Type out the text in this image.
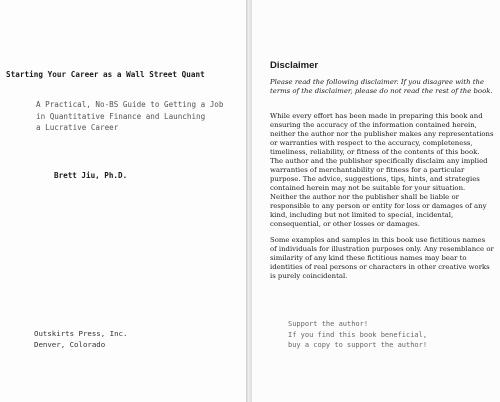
Starting Your Career as a Wall Street Quant
A Practical, No-BS Guide to Getting a Job
in Quantitative Finance and Launching
a Lucrative Career
Brett Jiu, Ph.D.
Outskirts Press, Inc.
Denver, Colorado
Disclaimer
Please read the following disclaimer. If you disagree with the terms of the disclaimer, please do not read the rest of the book.

While every effort has been made in preparing this book and ensuring the accuracy of the information contained herein, neither the author nor the publisher makes any representations or warranties with respect to the accuracy, completeness, timeliness, reliability, or fitness of the contents of this book. The author and the publisher specifically disclaim any implied warranties of merchantability or fitness for a particular purpose. The advice, suggestions, tips, hints, and strategies contained herein may not be suitable for your situation. Neither the author nor the publisher shall be liable or responsible to any person or entity for loss or damages of any kind, including but not limited to special, incidental, consequential, or other losses or damages.

Some examples and samples in this book use fictitious names of individuals for illustration purposes only. Any resemblance or similarity of any kind these fictitious names may bear to identities of real persons or characters in other creative works is purely coincidental.

Support the author!
If you find this book beneficial,
buy a copy to support the author!
